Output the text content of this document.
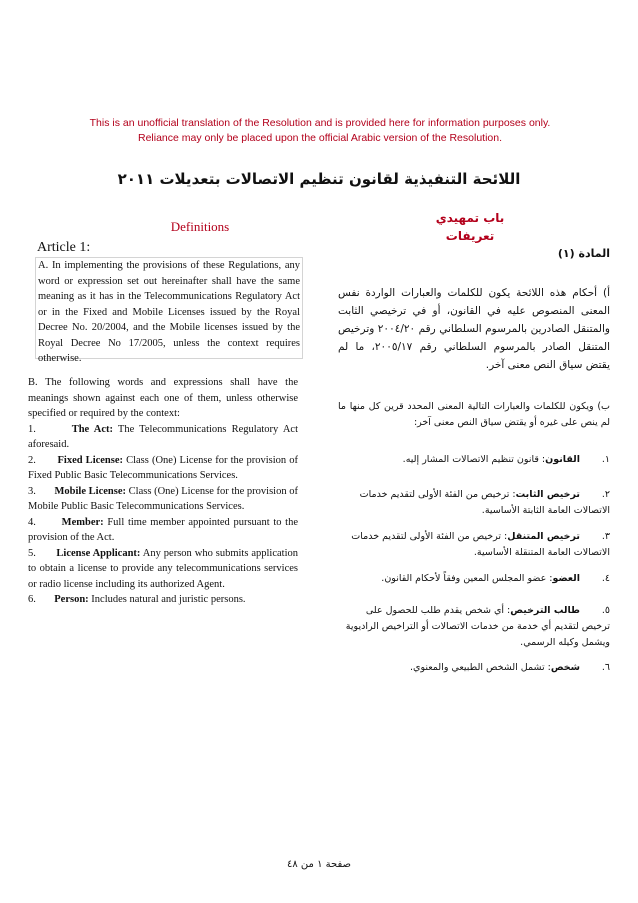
This is an unofficial translation of the Resolution and is provided here for information purposes only.
Reliance may only be placed upon the official Arabic version of the Resolution.
اللائحة التنفيذية لقانون تنظيم الاتصالات بتعديلات ٢٠١١
Definitions
باب تمهيدي
تعريفات
Article 1:	المادة (١)

A. In implementing the provisions of these Regulations, any word or expression set out hereinafter shall have the same meaning as it has in the Telecommunications Regulatory Act or in the Fixed and Mobile Licenses issued by the Royal Decree No. 20/2004, and the Mobile licenses issued by the Royal Decree No 17/2005, unless the context requires otherwise.

B. The following words and expressions shall have the meanings shown against each one of them, unless otherwise specified or required by the context:

1.	The Act: The Telecommunications Regulatory Act aforesaid.

2. Fixed License: Class (One) License for the provision of Fixed Public Basic Telecommunications Services.

3. Mobile License: Class (One) License for the provision of Mobile Public Basic Telecommunications Services.

4. Member: Full time member appointed pursuant to the provision of the Act.

5. License Applicant: Any person who submits application to obtain a license to provide any telecommunications services or radio license including its authorized Agent.

6. Person: Includes natural and juristic persons.

أ) أحكام هذه اللائحة يكون للكلمات والعبارات الواردة نفس المعنى المنصوص عليه في القانون، أو في ترخيصي الثابت والمتنقل الصادرين بالمرسوم السلطاني رقم ٢٠٠٤/٢٠ وترخيص المتنقل الصادر بالمرسوم السلطاني رقم ٢٠٠٥/١٧، ما لم يقتض سياق النص معنى آخر.
ب) ويكون للكلمات والعبارات التالية المعنى المحدد قرين كل منها ما لم ينص على غيره أو يقتض سياق النص معنى آخر:
١.القانون: قانون تنظيم الاتصالات المشار إليه.
٢.ترخيص الثابت: ترخيص من الفئة الأولى لتقديم خدمات الاتصالات العامة الثابتة الأساسية.
٣.ترخيص المتنقل: ترخيص من الفئة الأولى لتقديم خدمات الاتصالات العامة المتنقلة الأساسية.
٤.العضو: عضو المجلس المعين وفقاً لأحكام القانون.
٥.طالب الترخيص: أي شخص يقدم طلب للحصول على ترخيص لتقديم أي خدمة من خدمات الاتصالات أو التراخيص الراديوية ويشمل وكيله الرسمي.
٦.شخص: تشمل الشخص الطبيعي والمعنوي.
صفحة ١ من ٤٨
